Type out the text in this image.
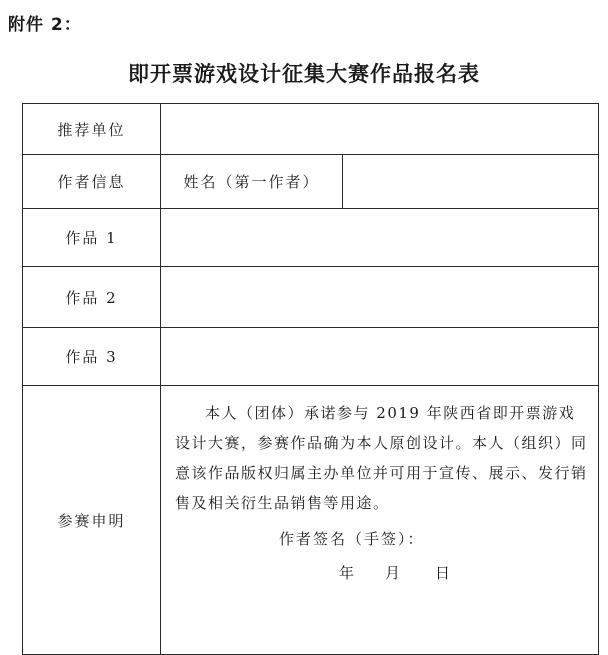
附件 2：
即开票游戏设计征集大赛作品报名表
推荐单位		
作者信息	姓名（第一作者）	
作品 1		
作品 2		
作品 3		
参赛申明	本人（团体）承诺参与 2019 年陕西省即开票游戏设计大赛，参赛作品确为本人原创设计。本人（组织）同意该作品版权归属主办单位并可用于宣传、展示、发行销售及相关衍生品销售等用途。

作者签名（手签）：
年 月 日	
